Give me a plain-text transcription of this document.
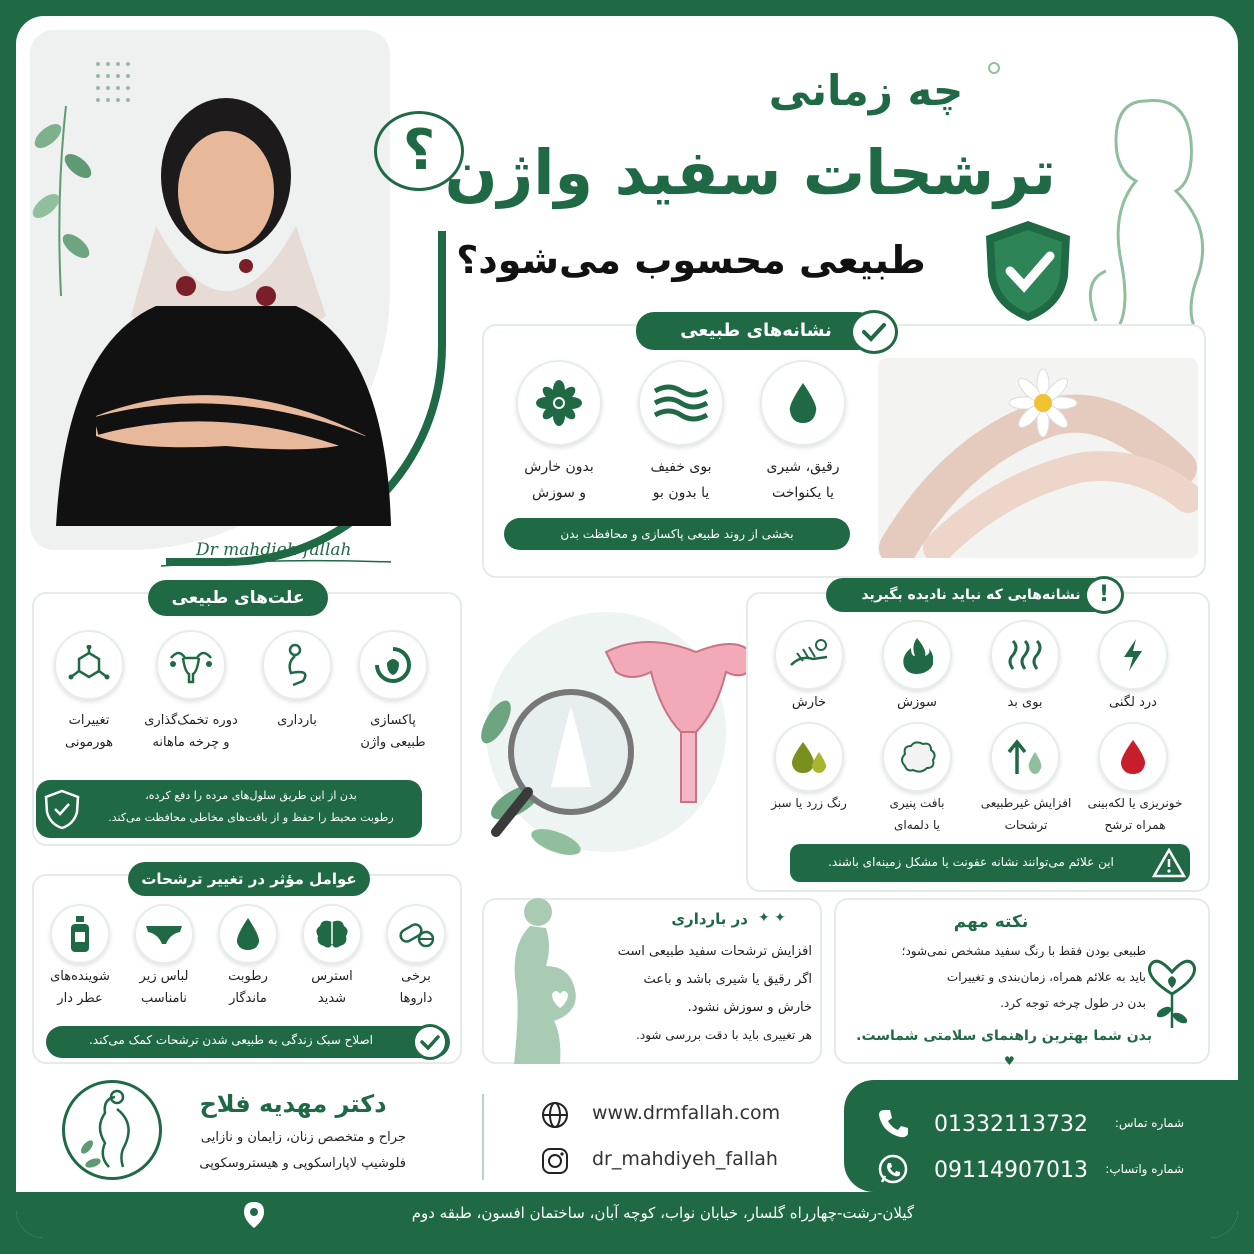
Dr mahdieh fallah
چه زمانی
؟ ترشحات سفید واژن
طبیعی محسوب می‌شود؟
نشانه‌های طبیعی
رقیق، شیری
یا یکنواخت
بوی خفیف
یا بدون بو
بدون خارش
و سوزش
بخشی از روند طبیعی پاکسازی و محافظت بدن
علت‌های طبیعی
پاکسازی
طبیعی واژن
بارداری
دوره تخمک‌گذاری
و چرخه ماهانه
تغییرات
هورمونی
بدن از این طریق سلول‌های مرده را دفع کرده،
رطوبت محیط را حفظ و از بافت‌های مخاطی محافظت می‌کند.
نشانه‌هایی که نباید نادیده بگیرید !
درد لگنی
بوی بد
سوزش
خارش
خونریزی یا لکه‌بینی
همراه ترشح
افزایش غیرطبیعی
ترشحات
بافت پنیری
یا دلمه‌ای
رنگ زرد یا سبز
این علائم می‌توانند نشانه عفونت یا مشکل زمینه‌ای باشند.
عوامل مؤثر در تغییر ترشحات
برخی
داروها
استرس
شدید
رطوبت
ماندگار
لباس زیر
نامناسب
شوینده‌های
عطر دار
اصلاح سبک زندگی به طبیعی شدن ترشحات کمک می‌کند.
در بارداری ✦ ✦
افزایش ترشحات سفید طبیعی است
اگر رقیق یا شیری باشد و باعث
خارش و سوزش نشود.
هر تغییری باید با دقت بررسی شود.
نکته مهم
طبیعی بودن فقط با رنگ سفید مشخص نمی‌شود؛
باید به علائم همراه، زمان‌بندی و تغییرات
بدن در طول چرخه توجه کرد.
بدن شما بهترین راهنمای سلامتی شماست.
♥
دکتر مهدیه فلاح
جراح و متخصص زنان، زایمان و نازایی
فلوشیپ لاپاراسکوپی و هیستروسکوپی
www.drmfallah.com
dr_mahdiyeh_fallah
01332113732	شماره تماس:
09114907013	شماره واتساپ:
گیلان-رشت-چهارراه گلسار، خیابان نواب، کوچه آبان، ساختمان افسون، طبقه دوم
